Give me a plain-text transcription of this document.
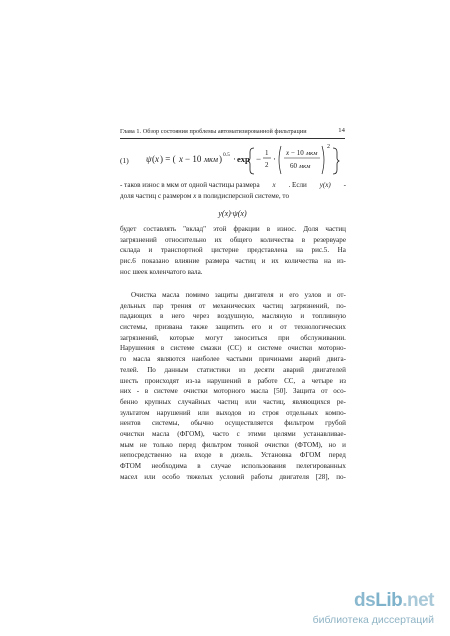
Глава 1. Обзор состояния проблемы автоматизированной фильтрации	14
(1) ψ ( x ) = ( x − 10 мкм ) 0.5 · exp −
1
2
·
x − 10 мкм
60 мкм
2
- таков износ в мкм от одной частицы размера x . Если y(x) -
доля частиц с размером
x
в полидисперсной системе, то
y(x)·ψ(x)
будет составлять "вклад" этой фракции в износ. Доля частиц
загрязнений относительно их общего количества в резервуаре
склада и транспортной цистерне представлена на рис.5. На
рис.6 показано влияние размера частиц и их количества на из-
нос шеек коленчатого вала.
Очистка масла помимо защиты двигателя и его узлов и от-
дельных пар трения от механических частиц загрязнений, по-
падающих в него через воздушную, масляную и топливную
системы, призвана также защитить его и от технологических
загрязнений, которые могут заноситься при обслуживании.
Нарушения в системе смазки (СС) и системе очистки моторно-
го масла являются наиболее частыми причинами аварий двига-
телей. По данным статистики из десяти аварий двигателей
шесть происходят из-за нарушений в работе СС, а четыре из
них - в системе очистки моторного масла [50]. Защита от осо-
бенно крупных случайных частиц или частиц, являющихся ре-
зультатом нарушений или выходов из строя отдельных компо-
нентов системы, обычно осуществляется фильтром грубой
очистки масла (ФГОМ), часто с этими целями устанавливае-
мым не только перед фильтром тонкой очистки (ФТОМ), но и
непосредственно на входе в дизель. Установка ФГОМ перед
ФТОМ необходима в случае использования пелегированных
масел или особо тяжелых условий работы двигателя [28], по-
dsLib.net
библиотека диссертаций
